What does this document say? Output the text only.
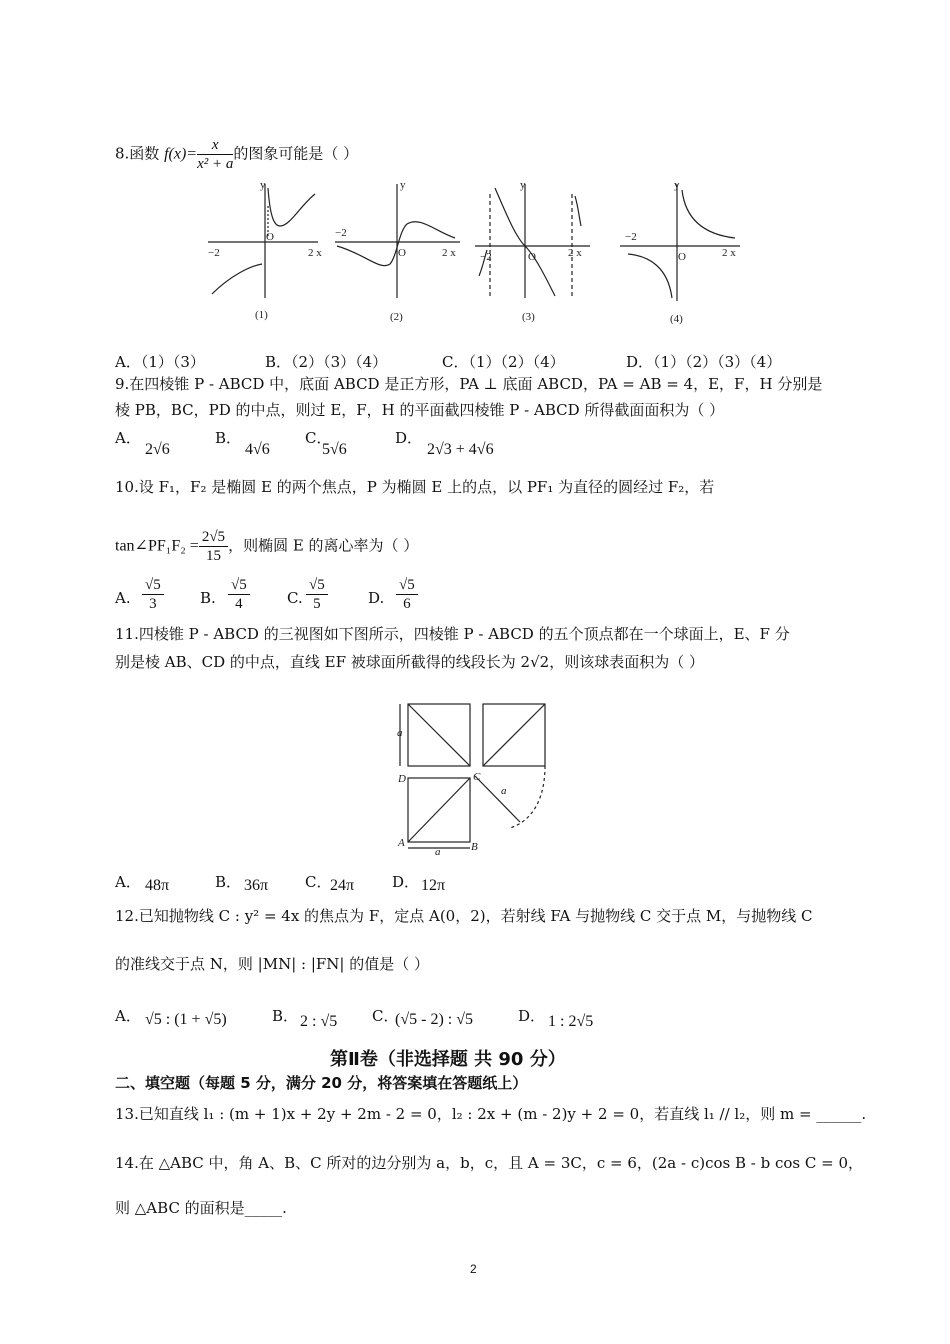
8.函数 $f(x)= \frac{x}{\text{x² + a}}$ 的图象可能是（ ）
y
−2	2 x
O	−2
y
2 x
O
y
−2	2 x
O
y
−2
2 x
O
(1)	(2)	(3)	(4)
A．（1）（3）	B．（2）（3）（4）	C．（1）（2）（4）	D．（1）（2）（3）（4）
9.在四棱锥 P - ABCD 中，底面 ABCD 是正方形，PA ⊥ 底面 ABCD，PA = AB = 4，E，F，H 分别是
棱 PB，BC，PD 的中点，则过 E，F，H 的平面截四棱锥 P - ABCD 所得截面面积为（ ）
A．
2√6
B．
4√6
C．
5√6
D．
2√3 + 4√6
10.设 F₁，F₂ 是椭圆 E 的两个焦点，P 为椭圆 E 上的点，以 PF₁ 为直径的圆经过 F₂，若
tan∠PF₁F₂ = $\frac{2√5}{15}$ ，则椭圆 E 的离心率为（ ）
A. $\frac{√5}{3} B$. $\frac{√5}{4} C$. $\frac{√5}{5}$	D. $\frac{√5}{6}$
11.四棱锥 P - ABCD 的三视图如下图所示，四棱锥 P - ABCD 的五个顶点都在一个球面上，E、F 分
别是棱 AB、CD 的中点，直线 EF 被球面所截得的线段长为 2√2，则该球表面积为（ ）
a
D	C
A	B
a
a
A． 48π	B． 36π C．
24π	D． 12π
12.已知抛物线 C : y² = 4x 的焦点为 F，定点 A(0，2)，若射线 FA 与抛物线 C 交于点 M，与抛物线 C
的准线交于点 N，则 |MN| : |FN| 的值是（ ）
A． √5 : (1 + √5)	B． 2 : √5 C．
(√5 - 2) : √5	D． 1 : 2√5
第Ⅱ卷（非选择题 共 90 分）
二、填空题（每题 5 分，满分 20 分，将答案填在答题纸上）
13.已知直线 l₁ : (m + 1)x + 2y + 2m - 2 = 0，l₂ : 2x + (m - 2)y + 2 = 0，若直线 l₁ // l₂，则 m = ______.
14.在 △ABC 中，角 A、B、C 所对的边分别为 a，b，c，且 A = 3C，c = 6，(2a - c)cos B - b cos C = 0，
则 △ABC 的面积是_____.
2
